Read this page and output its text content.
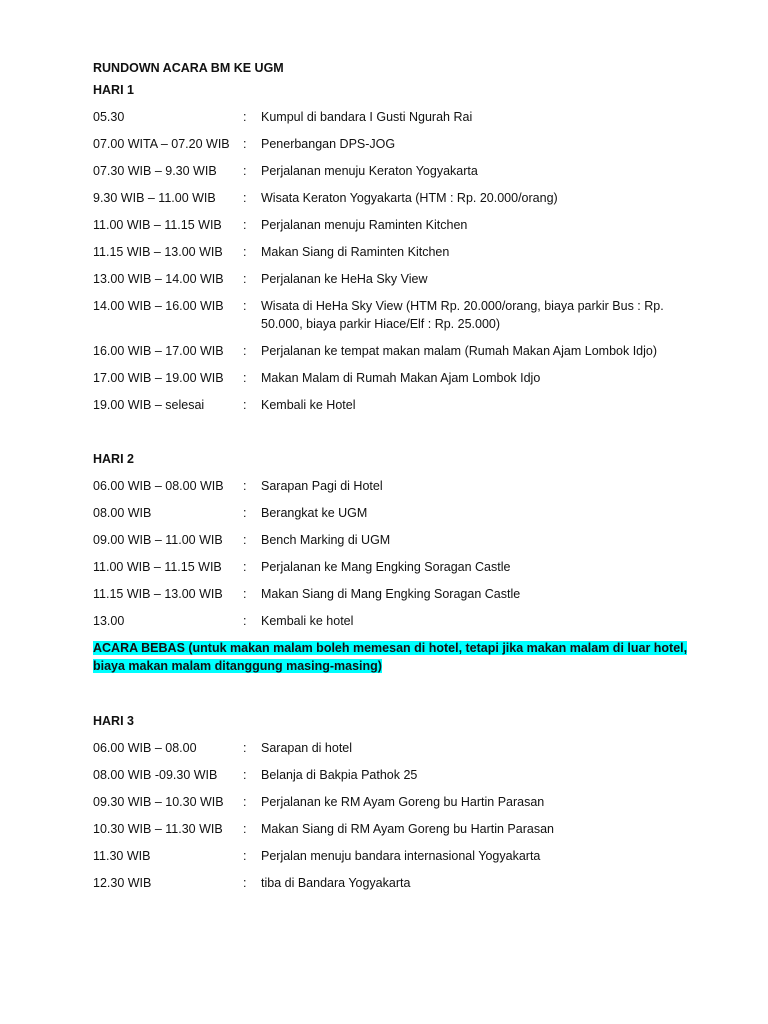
RUNDOWN ACARA BM KE UGM
HARI 1
05.30	:	Kumpul di bandara I Gusti Ngurah Rai
07.00 WITA – 07.20 WIB	:	Penerbangan DPS-JOG
07.30 WIB – 9.30 WIB	:	Perjalanan menuju Keraton Yogyakarta
9.30 WIB – 11.00 WIB	:	Wisata Keraton Yogyakarta (HTM : Rp. 20.000/orang)
11.00 WIB – 11.15 WIB	:	Perjalanan menuju Raminten Kitchen
11.15 WIB – 13.00 WIB	:	Makan Siang di Raminten Kitchen
13.00 WIB – 14.00 WIB	:	Perjalanan ke HeHa Sky View
14.00 WIB – 16.00 WIB	:	Wisata di HeHa Sky View (HTM Rp. 20.000/orang, biaya parkir Bus : Rp. 50.000, biaya parkir Hiace/Elf : Rp. 25.000)
16.00 WIB – 17.00 WIB	:	Perjalanan ke tempat makan malam (Rumah Makan Ajam Lombok Idjo)
17.00 WIB – 19.00 WIB	:	Makan Malam di Rumah Makan Ajam Lombok Idjo
19.00 WIB – selesai	:	Kembali ke Hotel
HARI 2
06.00 WIB – 08.00 WIB	:	Sarapan Pagi di Hotel
08.00 WIB	:	Berangkat ke UGM
09.00 WIB – 11.00 WIB	:	Bench Marking di UGM
11.00 WIB – 11.15 WIB	:	Perjalanan ke Mang Engking Soragan Castle
11.15 WIB – 13.00 WIB	:	Makan Siang di Mang Engking Soragan Castle
13.00	:	Kembali ke hotel
ACARA BEBAS (untuk makan malam boleh memesan di hotel, tetapi jika makan malam di luar hotel, biaya makan malam ditanggung masing-masing)
HARI 3
06.00 WIB – 08.00	:	Sarapan di hotel
08.00 WIB -09.30 WIB	:	Belanja di Bakpia Pathok 25
09.30 WIB – 10.30 WIB	:	Perjalanan ke RM Ayam Goreng bu Hartin Parasan
10.30 WIB – 11.30 WIB	:	Makan Siang di RM Ayam Goreng bu Hartin Parasan
11.30 WIB	:	Perjalan menuju bandara internasional Yogyakarta
12.30 WIB	:	tiba di Bandara Yogyakarta
